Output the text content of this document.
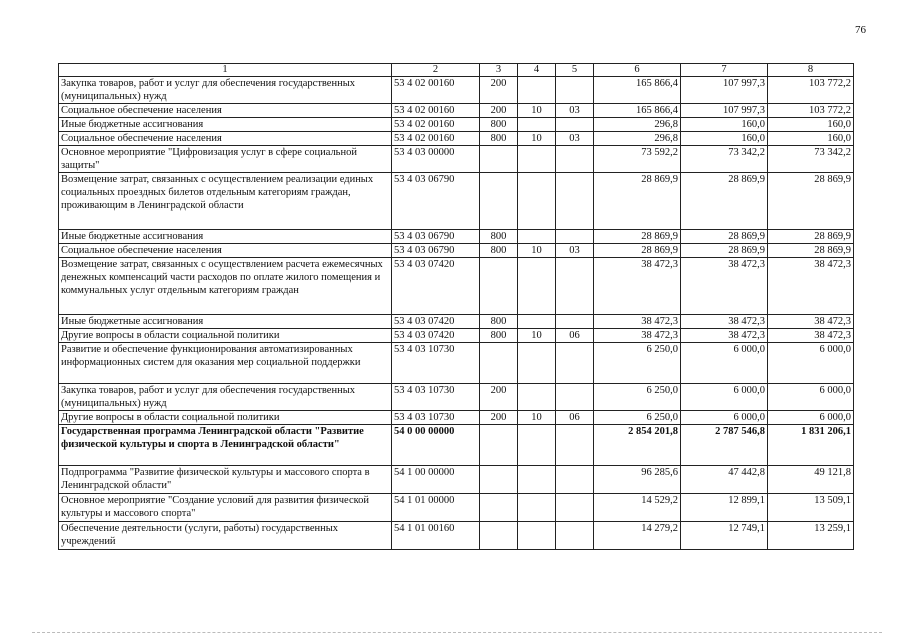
76
1	2	3	4	5	6	7	8
Закупка товаров, работ и услуг для обеспечения государственных (муниципальных) нужд	53 4 02 00160	200			165 866,4	107 997,3	103 772,2
Социальное обеспечение населения	53 4 02 00160	200	10	03	165 866,4	107 997,3	103 772,2
Иные бюджетные ассигнования	53 4 02 00160	800			296,8	160,0	160,0
Социальное обеспечение населения	53 4 02 00160	800	10	03	296,8	160,0	160,0
Основное мероприятие "Цифровизация услуг в сфере социальной защиты"	53 4 03 00000				73 592,2	73 342,2	73 342,2
Возмещение затрат, связанных с осуществлением реализации единых социальных проездных билетов отдельным категориям граждан, проживающим в Ленинградской области	53 4 03 06790				28 869,9	28 869,9	28 869,9
Иные бюджетные ассигнования	53 4 03 06790	800			28 869,9	28 869,9	28 869,9
Социальное обеспечение населения	53 4 03 06790	800	10	03	28 869,9	28 869,9	28 869,9
Возмещение затрат, связанных с осуществлением расчета ежемесячных денежных компенсаций части расходов по оплате жилого помещения и коммунальных услуг отдельным категориям граждан	53 4 03 07420				38 472,3	38 472,3	38 472,3
Иные бюджетные ассигнования	53 4 03 07420	800			38 472,3	38 472,3	38 472,3
Другие вопросы в области социальной политики	53 4 03 07420	800	10	06	38 472,3	38 472,3	38 472,3
Развитие и обеспечение функционирования автоматизированных информационных систем для оказания мер социальной поддержки	53 4 03 10730				6 250,0	6 000,0	6 000,0
Закупка товаров, работ и услуг для обеспечения государственных (муниципальных) нужд	53 4 03 10730	200			6 250,0	6 000,0	6 000,0
Другие вопросы в области социальной политики	53 4 03 10730	200	10	06	6 250,0	6 000,0	6 000,0
Государственная программа Ленинградской области "Развитие физической культуры и спорта в Ленинградской области"	54 0 00 00000				2 854 201,8	2 787 546,8	1 831 206,1
Подпрограмма "Развитие физической культуры и массового спорта в Ленинградской области"	54 1 00 00000				96 285,6	47 442,8	49 121,8
Основное мероприятие "Создание условий для развития физической культуры и массового спорта"	54 1 01 00000				14 529,2	12 899,1	13 509,1
Обеспечение деятельности (услуги, работы) государственных учреждений	54 1 01 00160				14 279,2	12 749,1	13 259,1
